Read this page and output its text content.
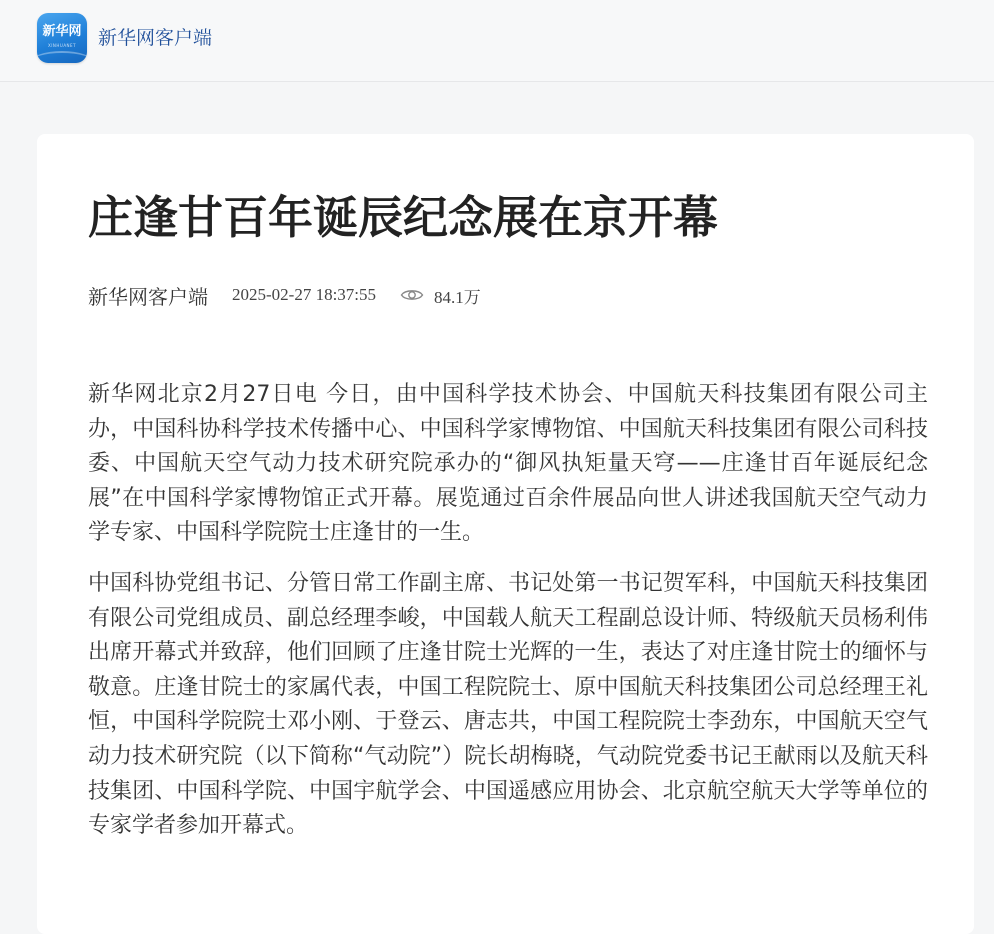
新华网
XINHUANET	新华网客户端
庄逢甘百年诞辰纪念展在京开幕
新华网客户端 2025-02-27 18:37:55	84.1万

新华网北京2月27日电 今日，由中国科学技术协会、中国航天科技集团有限公司主办，中国科协科学技术传播中心、中国科学家博物馆、中国航天科技集团有限公司科技委、中国航天空气动力技术研究院承办的“御风执矩量天穹——庄逢甘百年诞辰纪念展”在中国科学家博物馆正式开幕。展览通过百余件展品向世人讲述我国航天空气动力学专家、中国科学院院士庄逢甘的一生。

中国科协党组书记、分管日常工作副主席、书记处第一书记贺军科，中国航天科技集团有限公司党组成员、副总经理李峻，中国载人航天工程副总设计师、特级航天员杨利伟出席开幕式并致辞，他们回顾了庄逢甘院士光辉的一生，表达了对庄逢甘院士的缅怀与敬意。庄逢甘院士的家属代表，中国工程院院士、原中国航天科技集团公司总经理王礼恒，中国科学院院士邓小刚、于登云、唐志共，中国工程院院士李劲东，中国航天空气动力技术研究院（以下简称“气动院”）院长胡梅晓，气动院党委书记王献雨以及航天科技集团、中国科学院、中国宇航学会、中国遥感应用协会、北京航空航天大学等单位的专家学者参加开幕式。
